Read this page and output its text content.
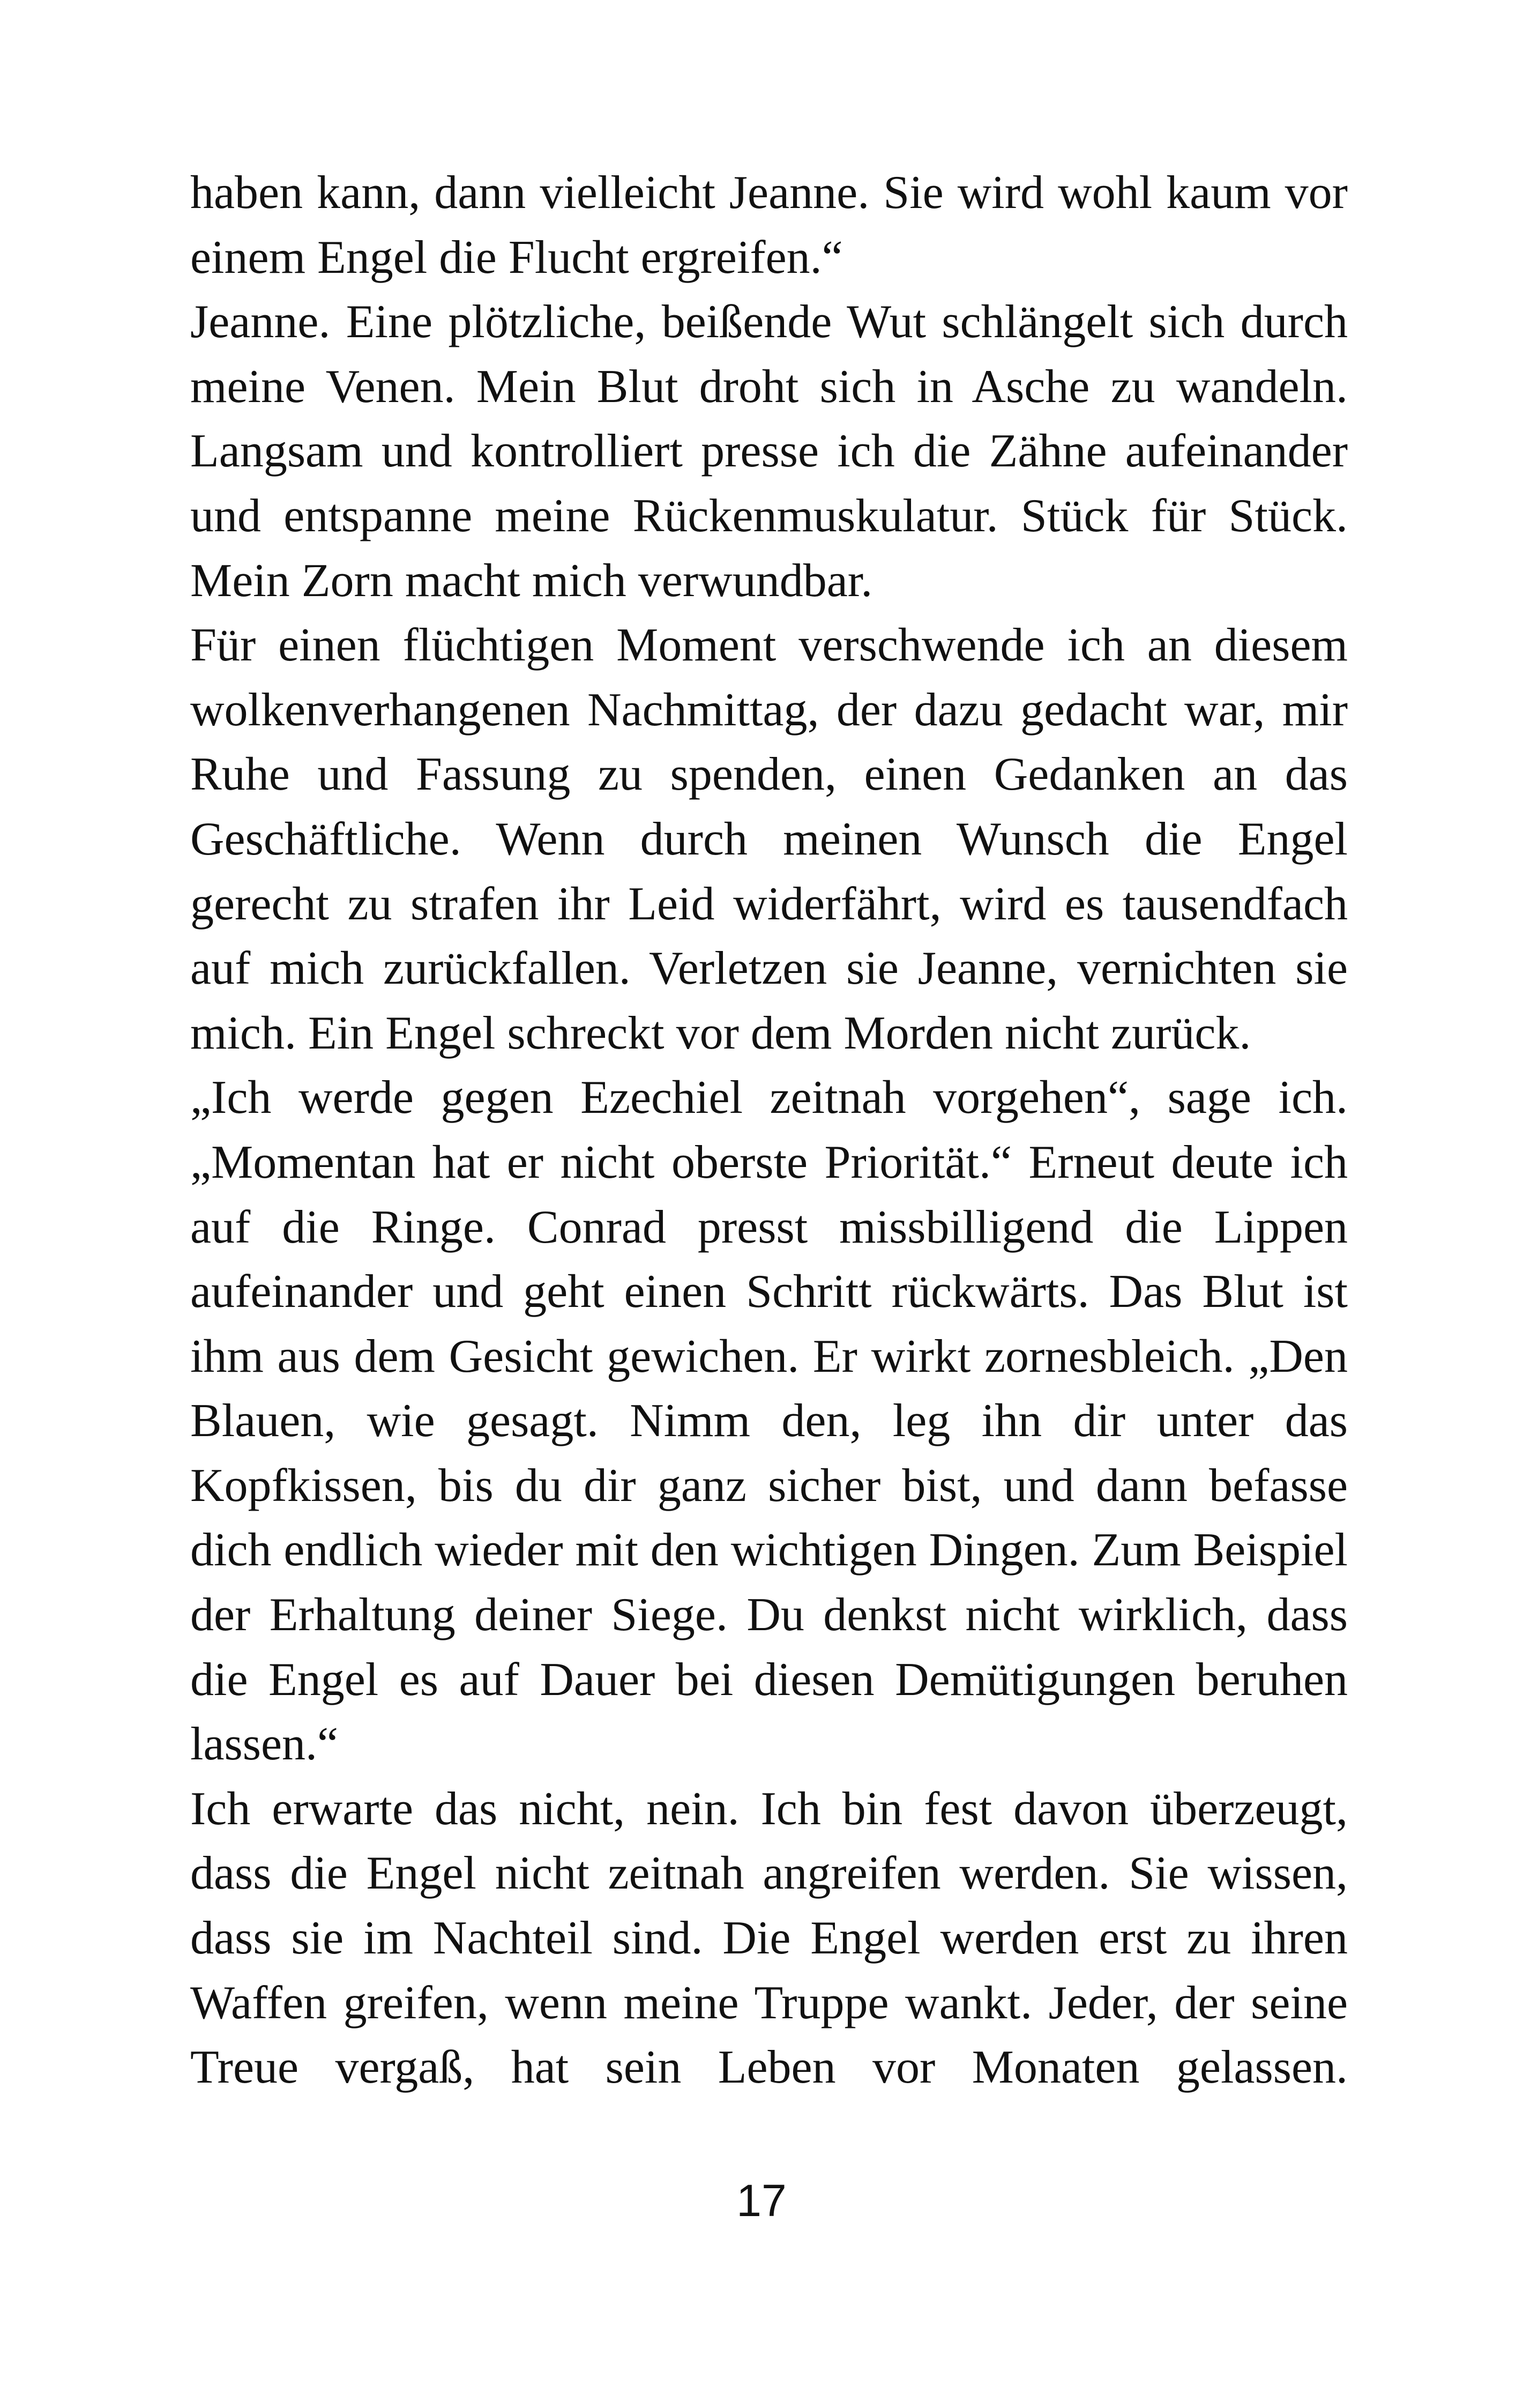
haben kann, dann vielleicht Jeanne. Sie wird wohl kaum vor einem Engel die Flucht ergreifen.“

Jeanne. Eine plötzliche, beißende Wut schlängelt sich durch meine Venen. Mein Blut droht sich in Asche zu wandeln. Langsam und kontrolliert presse ich die Zähne aufeinander und entspanne meine Rückenmuskulatur. Stück für Stück. Mein Zorn macht mich verwundbar.

Für einen flüchtigen Moment verschwende ich an diesem wolkenverhangenen Nachmittag, der dazu gedacht war, mir Ruhe und Fassung zu spenden, einen Gedanken an das Geschäftliche. Wenn durch meinen Wunsch die Engel gerecht zu strafen ihr Leid widerfährt, wird es tausendfach auf mich zurückfallen. Verletzen sie Jeanne, vernichten sie mich. Ein Engel schreckt vor dem Morden nicht zurück.

„Ich werde gegen Ezechiel zeitnah vorgehen“, sage ich. „Momentan hat er nicht oberste Priorität.“ Erneut deute ich auf die Ringe. Conrad presst missbilligend die Lippen aufeinander und geht einen Schritt rückwärts. Das Blut ist ihm aus dem Gesicht gewichen. Er wirkt zornesbleich. „Den Blauen, wie gesagt. Nimm den, leg ihn dir unter das Kopfkissen, bis du dir ganz sicher bist, und dann befasse dich endlich wieder mit den wichtigen Dingen. Zum Beispiel der Erhaltung deiner Siege. Du denkst nicht wirklich, dass die Engel es auf Dauer bei diesen Demütigungen beruhen lassen.“

Ich erwarte das nicht, nein. Ich bin fest davon überzeugt, dass die Engel nicht zeitnah angreifen werden. Sie wissen, dass sie im Nachteil sind. Die Engel werden erst zu ihren Waffen greifen, wenn meine Truppe wankt. Jeder, der seine Treue vergaß, hat sein Leben vor Monaten gelassen.

17
